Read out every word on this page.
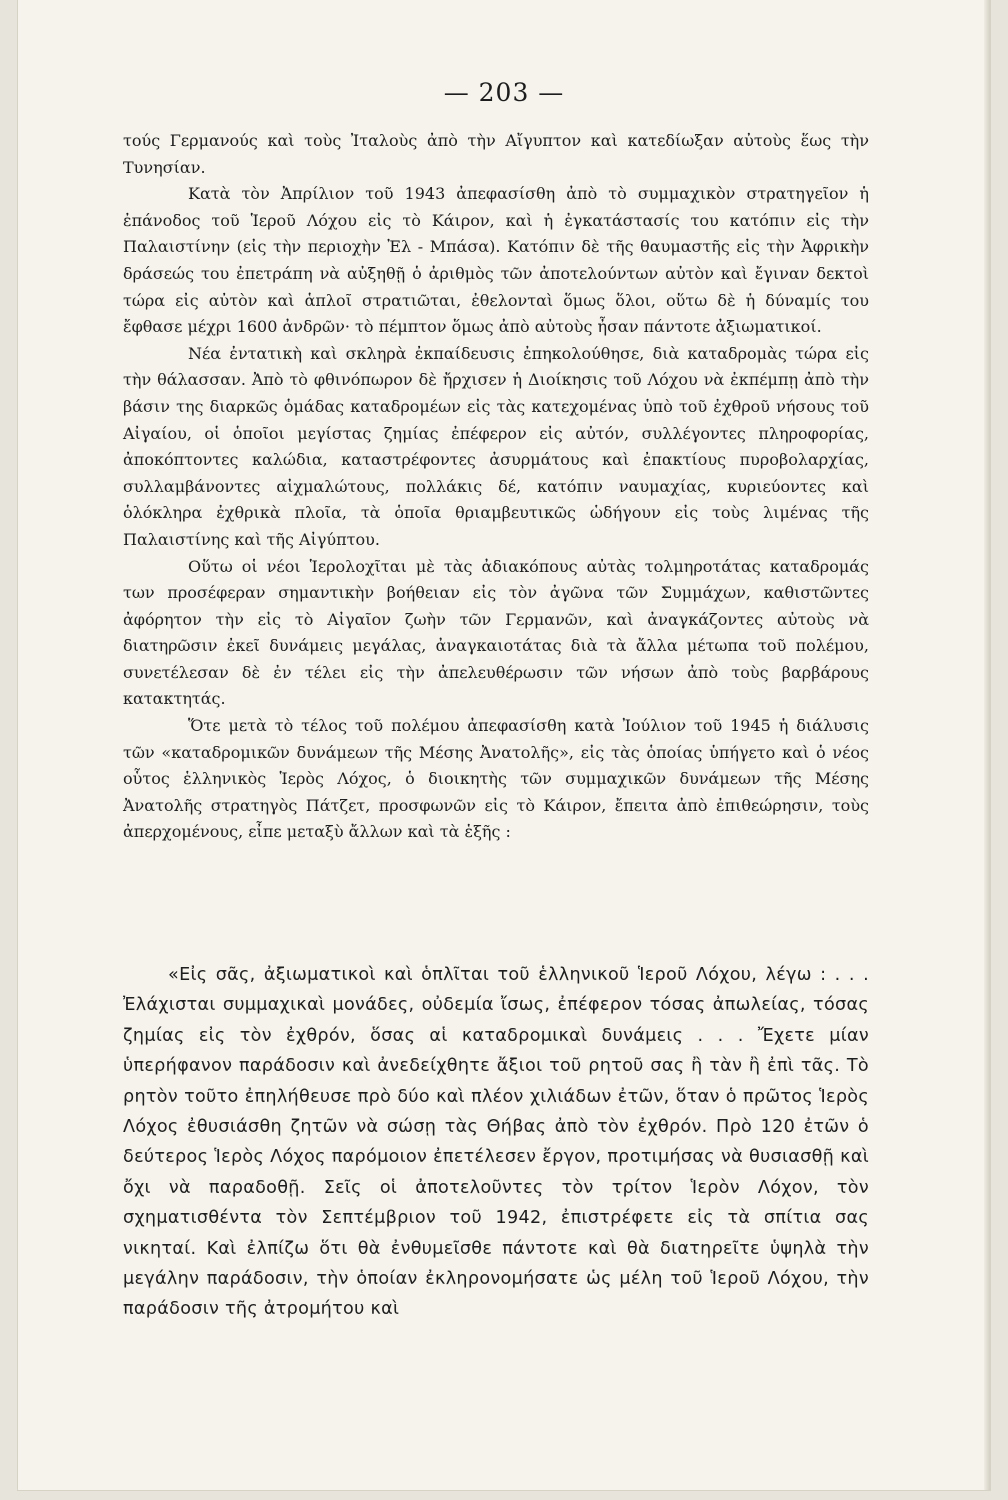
— 203 —

τούς Γερμανούς καὶ τοὺς Ἰταλοὺς ἀπὸ τὴν Αἴγυπτον καὶ κατεδίωξαν αὐτοὺς ἕως τὴν Τυνησίαν.

Κατὰ τὸν Ἀπρίλιον τοῦ 1943 ἀπεφασίσθη ἀπὸ τὸ συμμαχικὸν στρατηγεῖον ἡ ἐπάνοδος τοῦ Ἱεροῦ Λόχου εἰς τὸ Κάιρον, καὶ ἡ ἐγκατάστασίς του κατόπιν εἰς τὴν Παλαιστίνην (εἰς τὴν περιοχὴν Ἐλ - Μπάσα). Κατόπιν δὲ τῆς θαυμαστῆς εἰς τὴν Ἀφρικὴν δράσεώς του ἐπετράπη νὰ αὐξηθῇ ὁ ἀριθμὸς τῶν ἀποτελούντων αὐτὸν καὶ ἔγιναν δεκτοὶ τώρα εἰς αὐτὸν καὶ ἁπλοῖ στρατιῶται, ἐθελονταὶ ὅμως ὅλοι, οὕτω δὲ ἡ δύναμίς του ἔφθασε μέχρι 1600 ἀνδρῶν· τὸ πέμπτον ὅμως ἀπὸ αὐτοὺς ἦσαν πάντοτε ἀξιωματικοί.

Νέα ἐντατικὴ καὶ σκληρὰ ἐκπαίδευσις ἐπηκολούθησε, διὰ καταδρομὰς τώρα εἰς τὴν θάλασσαν. Ἀπὸ τὸ φθινόπωρον δὲ ἤρχισεν ἡ Διοίκησις τοῦ Λόχου νὰ ἐκπέμπῃ ἀπὸ τὴν βάσιν της διαρκῶς ὁμάδας καταδρομέων εἰς τὰς κατεχομένας ὑπὸ τοῦ ἐχθροῦ νήσους τοῦ Αἰγαίου, οἱ ὁποῖοι μεγίστας ζημίας ἐπέφερον εἰς αὐτόν, συλλέγοντες πληροφορίας, ἀποκόπτοντες καλώδια, καταστρέφοντες ἀσυρμάτους καὶ ἐπακτίους πυροβολαρχίας, συλλαμβάνοντες αἰχμαλώτους, πολλάκις δέ, κατόπιν ναυμαχίας, κυριεύοντες καὶ ὁλόκληρα ἐχθρικὰ πλοῖα, τὰ ὁποῖα θριαμβευτικῶς ὡδήγουν εἰς τοὺς λιμένας τῆς Παλαιστίνης καὶ τῆς Αἰγύπτου.

Οὕτω οἱ νέοι Ἱερολοχῖται μὲ τὰς ἀδιακόπους αὐτὰς τολμηροτάτας καταδρομάς των προσέφεραν σημαντικὴν βοήθειαν εἰς τὸν ἀγῶνα τῶν Συμμάχων, καθιστῶντες ἀφόρητον τὴν εἰς τὸ Αἰγαῖον ζωὴν τῶν Γερμανῶν, καὶ ἀναγκάζοντες αὐτοὺς νὰ διατηρῶσιν ἐκεῖ δυνάμεις μεγάλας, ἀναγκαιοτάτας διὰ τὰ ἄλλα μέτωπα τοῦ πολέμου, συνετέλεσαν δὲ ἐν τέλει εἰς τὴν ἀπελευθέρωσιν τῶν νήσων ἀπὸ τοὺς βαρβάρους κατακτητάς.

Ὅτε μετὰ τὸ τέλος τοῦ πολέμου ἀπεφασίσθη κατὰ Ἰούλιον τοῦ 1945 ἡ διάλυσις τῶν «καταδρομικῶν δυνάμεων τῆς Μέσης Ἀνατολῆς», εἰς τὰς ὁποίας ὑπήγετο καὶ ὁ νέος οὗτος ἑλληνικὸς Ἱερὸς Λόχος, ὁ διοικητὴς τῶν συμμαχικῶν δυνάμεων τῆς Μέσης Ἀνατολῆς στρατηγὸς Πάτζετ, προσφωνῶν εἰς τὸ Κάιρον, ἔπειτα ἀπὸ ἐπιθεώρησιν, τοὺς ἀπερχομένους, εἶπε μεταξὺ ἄλλων καὶ τὰ ἑξῆς :

«Εἰς σᾶς, ἀξιωματικοὶ καὶ ὁπλῖται τοῦ ἑλληνικοῦ Ἱεροῦ Λόχου, λέγω : . . . Ἐλάχισται συμμαχικαὶ μονάδες, οὐδεμία ἴσως, ἐπέφερον τόσας ἀπωλείας, τόσας ζημίας εἰς τὸν ἐχθρόν, ὅσας αἱ καταδρομικαὶ δυνάμεις . . . Ἔχετε μίαν ὑπερήφανον παράδοσιν καὶ ἀνεδείχθητε ἄξιοι τοῦ ρητοῦ σας ἢ τὰν ἢ ἐπὶ τᾶς. Τὸ ρητὸν τοῦτο ἐπηλήθευσε πρὸ δύο καὶ πλέον χιλιάδων ἐτῶν, ὅταν ὁ πρῶτος Ἱερὸς Λόχος ἐθυσιάσθη ζητῶν νὰ σώσῃ τὰς Θήβας ἀπὸ τὸν ἐχθρόν. Πρὸ 120 ἐτῶν ὁ δεύτερος Ἱερὸς Λόχος παρόμοιον ἐπετέλεσεν ἔργον, προτιμήσας νὰ θυσιασθῇ καὶ ὄχι νὰ παραδοθῇ. Σεῖς οἱ ἀποτελοῦντες τὸν τρίτον Ἱερὸν Λόχον, τὸν σχηματισθέντα τὸν Σεπτέμβριον τοῦ 1942, ἐπιστρέφετε εἰς τὰ σπίτια σας νικηταί. Καὶ ἐλπίζω ὅτι θὰ ἐνθυμεῖσθε πάντοτε καὶ θὰ διατηρεῖτε ὑψηλὰ τὴν μεγάλην παράδοσιν, τὴν ὁποίαν ἐκληρονομήσατε ὡς μέλη τοῦ Ἱεροῦ Λόχου, τὴν παράδοσιν τῆς ἀτρομήτου καὶ
